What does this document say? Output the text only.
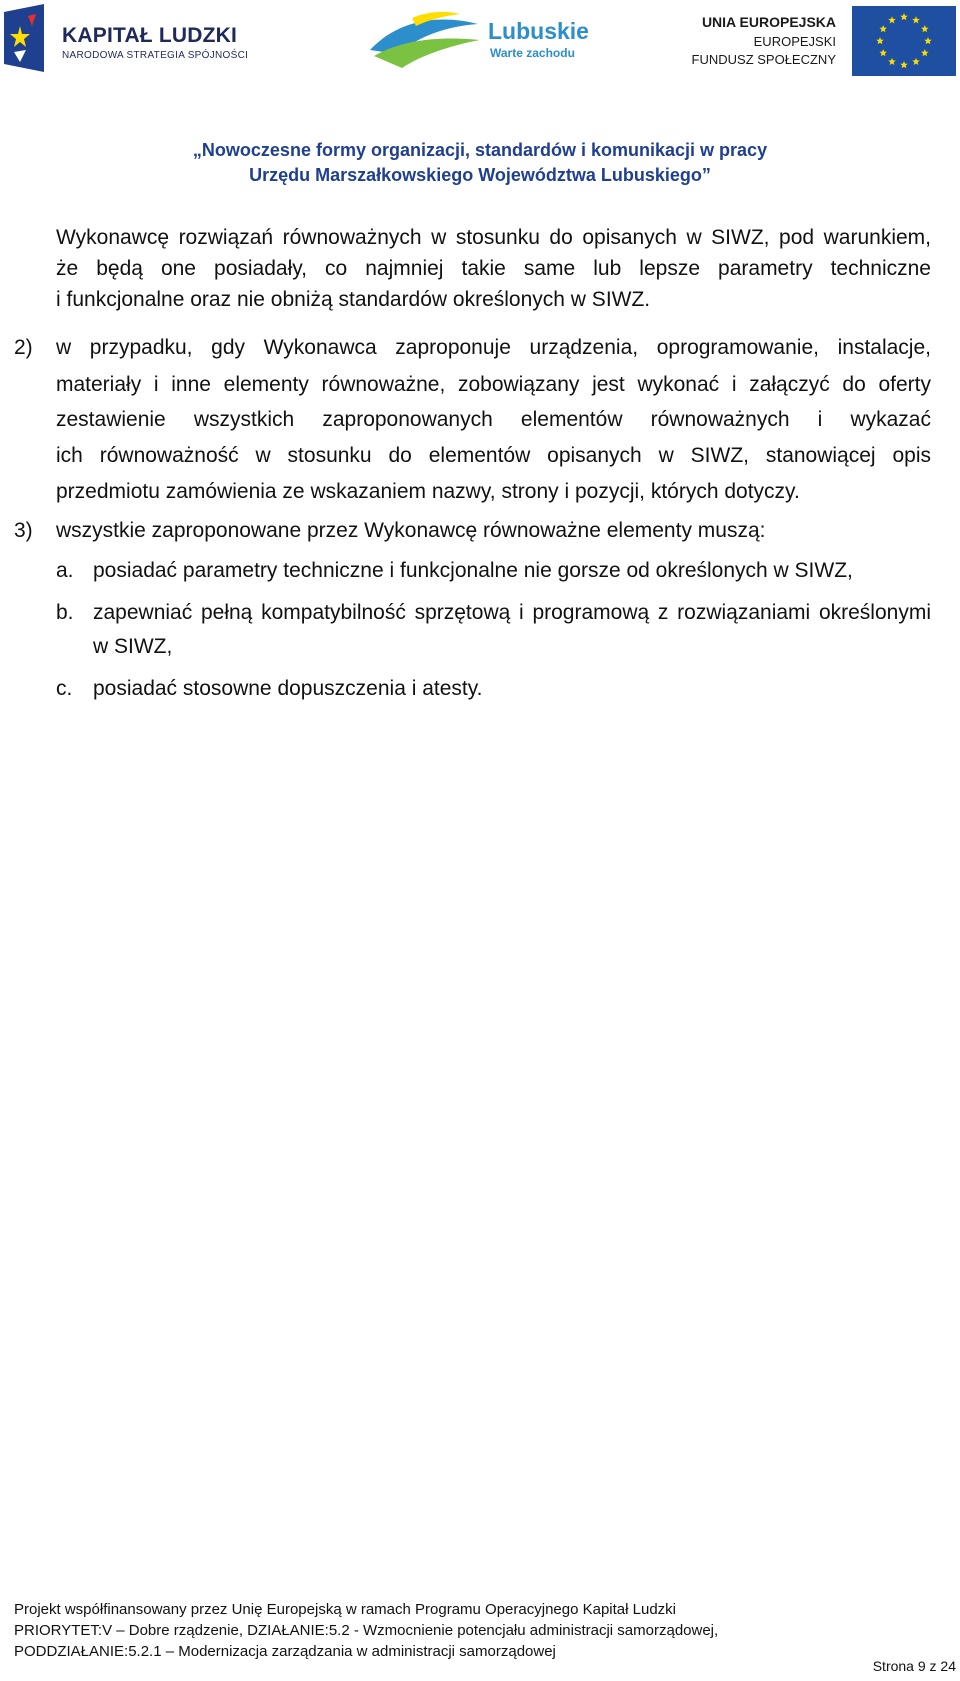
KAPITAŁ LUDZKI
NARODOWA STRATEGIA SPÓJNOŚCI
Lubuskie
Warte zachodu
UNIA EUROPEJSKA
EUROPEJSKI
FUNDUSZ SPOŁECZNY
„Nowoczesne formy organizacji, standardów i komunikacji w pracy
Urzędu Marszałkowskiego Województwa Lubuskiego”
Wykonawcę rozwiązań równoważnych w stosunku do opisanych w SIWZ, pod warunkiem,
że będą one posiadały, co najmniej takie same lub lepsze parametry techniczne
i funkcjonalne oraz nie obniżą standardów określonych w SIWZ.
2) w przypadku, gdy Wykonawca zaproponuje urządzenia, oprogramowanie, instalacje,
materiały i inne elementy równoważne, zobowiązany jest wykonać i załączyć do oferty
zestawienie wszystkich zaproponowanych elementów równoważnych i wykazać
ich równoważność w stosunku do elementów opisanych w SIWZ, stanowiącej opis
przedmiotu zamówienia ze wskazaniem nazwy, strony i pozycji, których dotyczy.
3) wszystkie zaproponowane przez Wykonawcę równoważne elementy muszą:
a. posiadać parametry techniczne i funkcjonalne nie gorsze od określonych w SIWZ,
b. zapewniać pełną kompatybilność sprzętową i programową z rozwiązaniami określonymi
w SIWZ,
c. posiadać stosowne dopuszczenia i atesty.
Projekt współfinansowany przez Unię Europejską w ramach Programu Operacyjnego Kapitał Ludzki
PRIORYTET:V – Dobre rządzenie, DZIAŁANIE:5.2 - Wzmocnienie potencjału administracji samorządowej,
PODDZIAŁANIE:5.2.1 – Modernizacja zarządzania w administracji samorządowej
Strona 9 z 24
